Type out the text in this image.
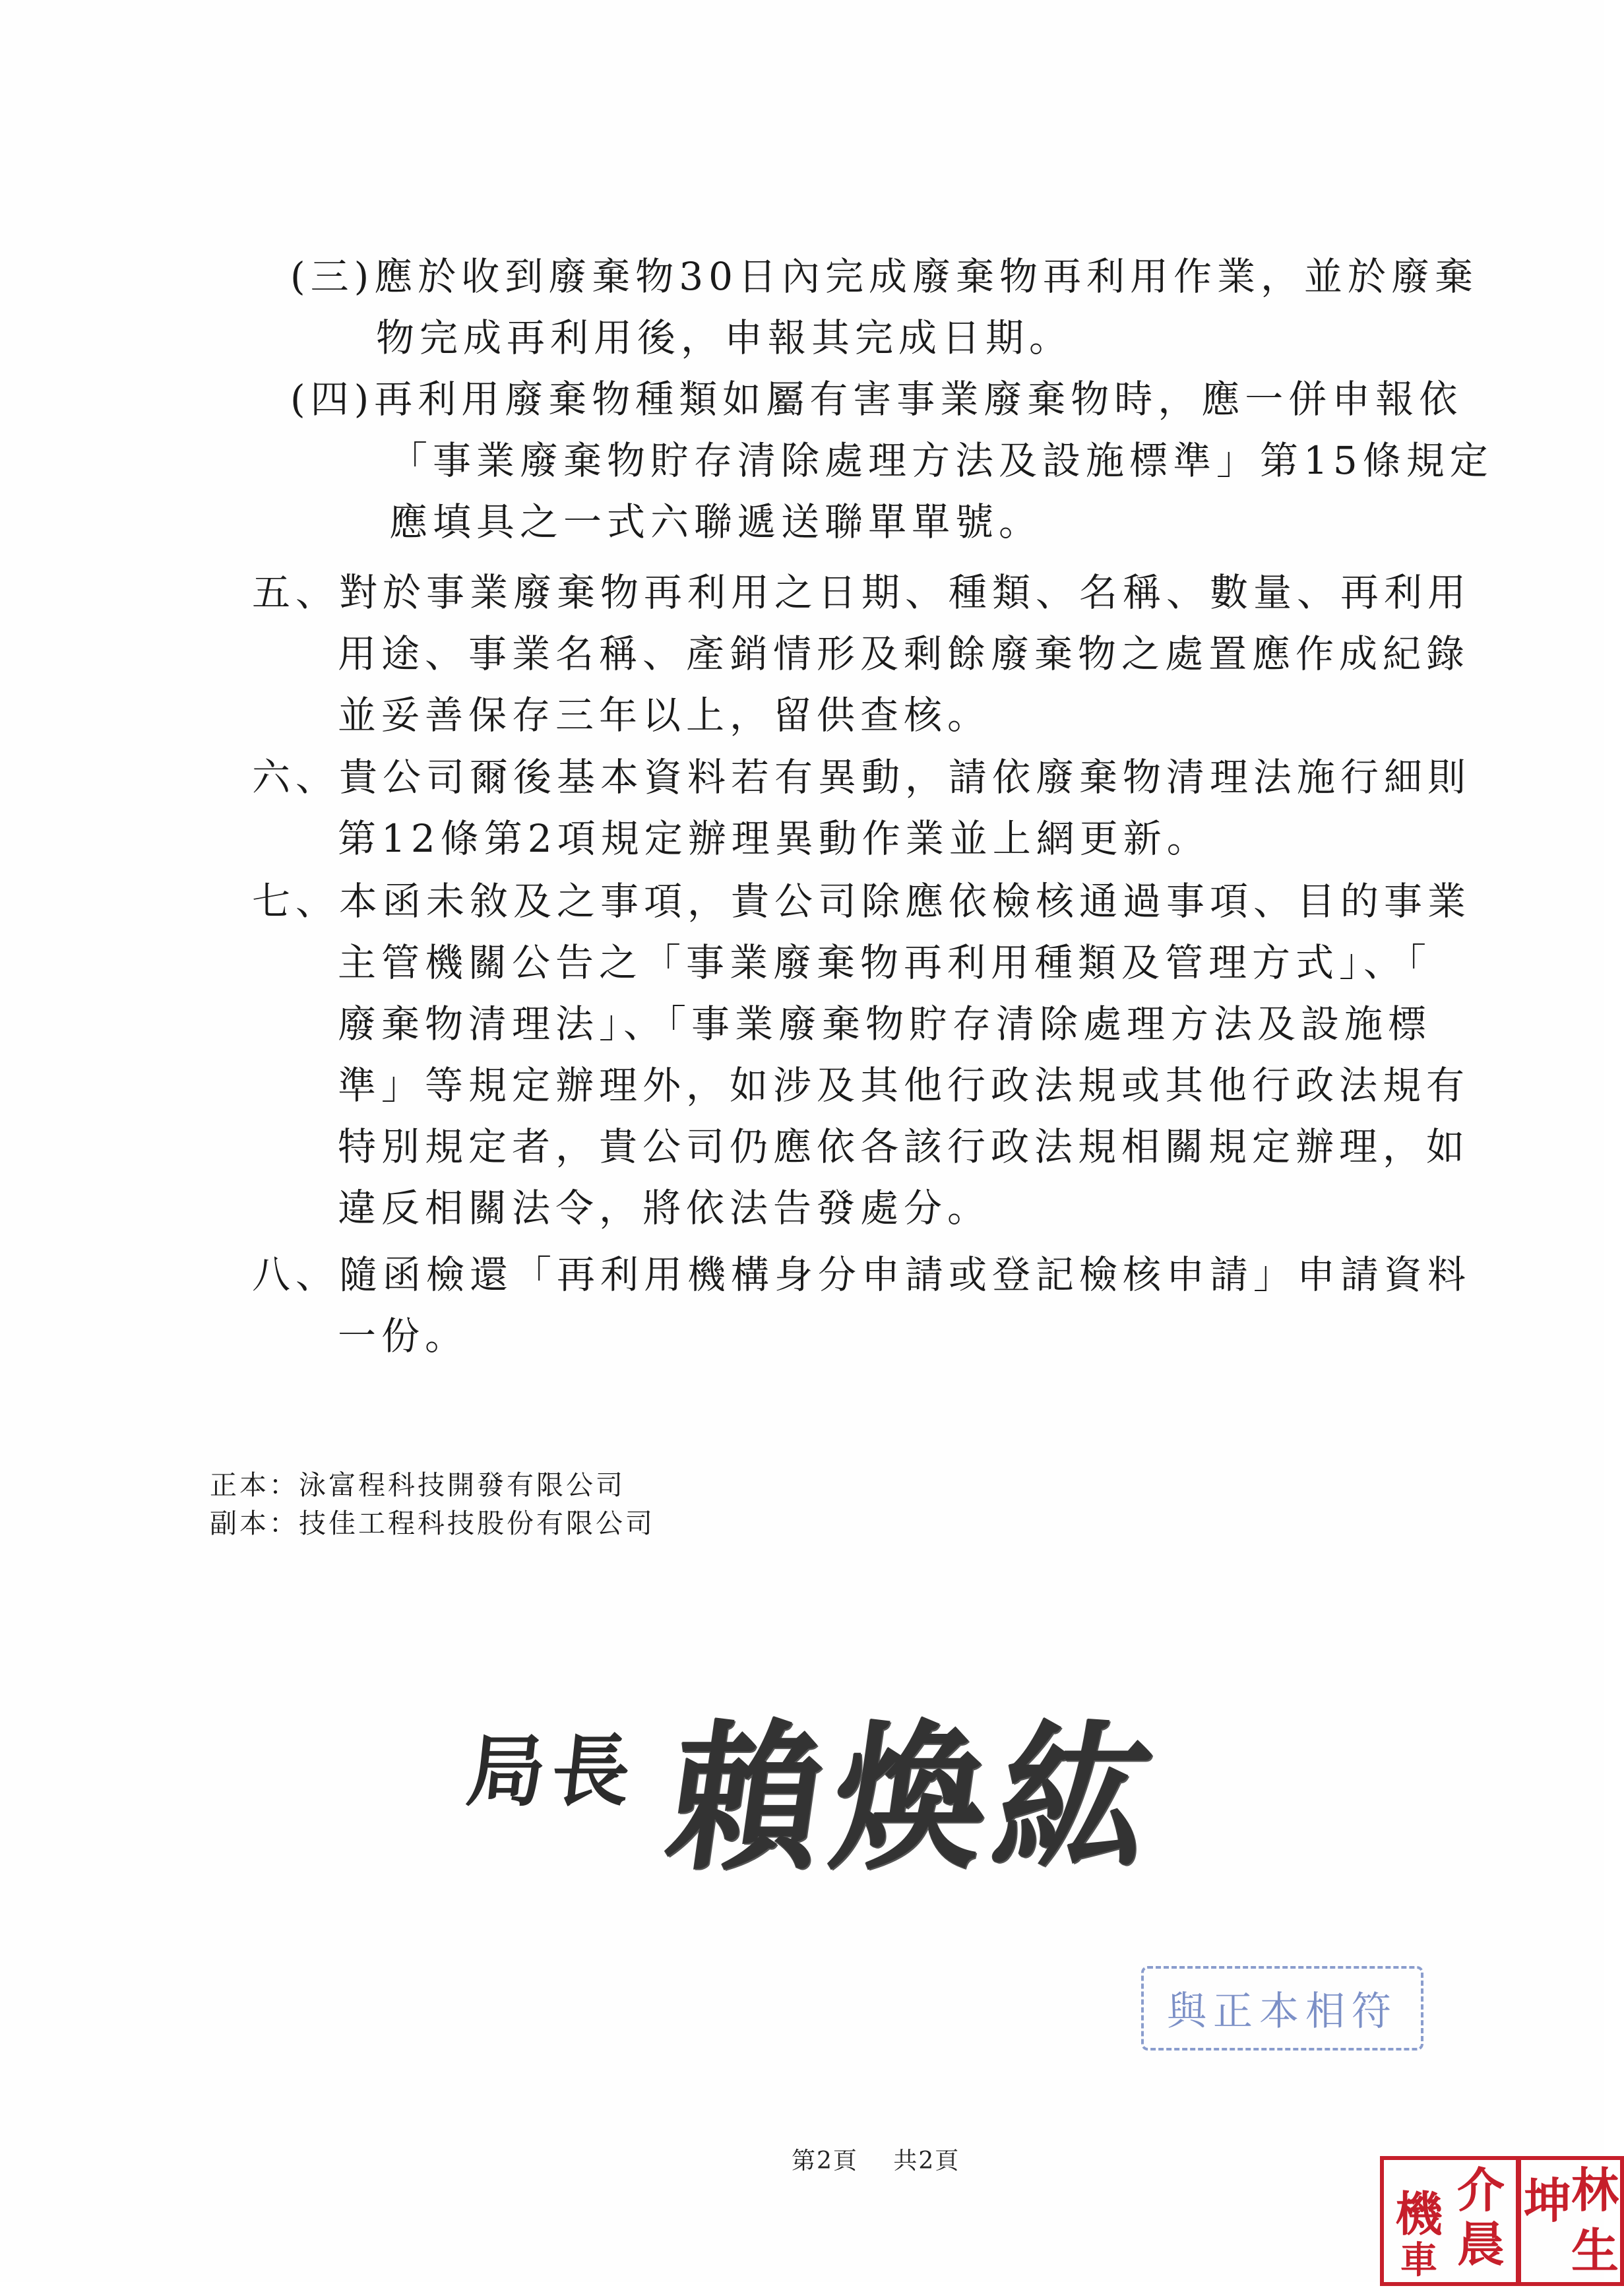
(三)應於收到廢棄物30日內完成廢棄物再利用作業，並於廢棄
物完成再利用後，申報其完成日期。
(四)再利用廢棄物種類如屬有害事業廢棄物時，應一併申報依
「事業廢棄物貯存清除處理方法及設施標準」第15條規定
應填具之一式六聯遞送聯單單號。
五、對於事業廢棄物再利用之日期、種類、名稱、數量、再利用
用途、事業名稱、產銷情形及剩餘廢棄物之處置應作成紀錄
並妥善保存三年以上，留供查核。
六、貴公司爾後基本資料若有異動，請依廢棄物清理法施行細則
第12條第2項規定辦理異動作業並上網更新。
七、本函未敘及之事項，貴公司除應依檢核通過事項、目的事業
主管機關公告之「事業廢棄物再利用種類及管理方式」、「
廢棄物清理法」、「事業廢棄物貯存清除處理方法及設施標
準」等規定辦理外，如涉及其他行政法規或其他行政法規有
特別規定者，貴公司仍應依各該行政法規相關規定辦理，如
違反相關法令，將依法告發處分。
八、隨函檢還「再利用機構身分申請或登記檢核申請」申請資料
一份。
正本：泳富程科技開發有限公司
副本：技佳工程科技股份有限公司
局長 賴煥紘
與正本相符
第2頁 共2頁
介
機
晨
車
林
坤
生
